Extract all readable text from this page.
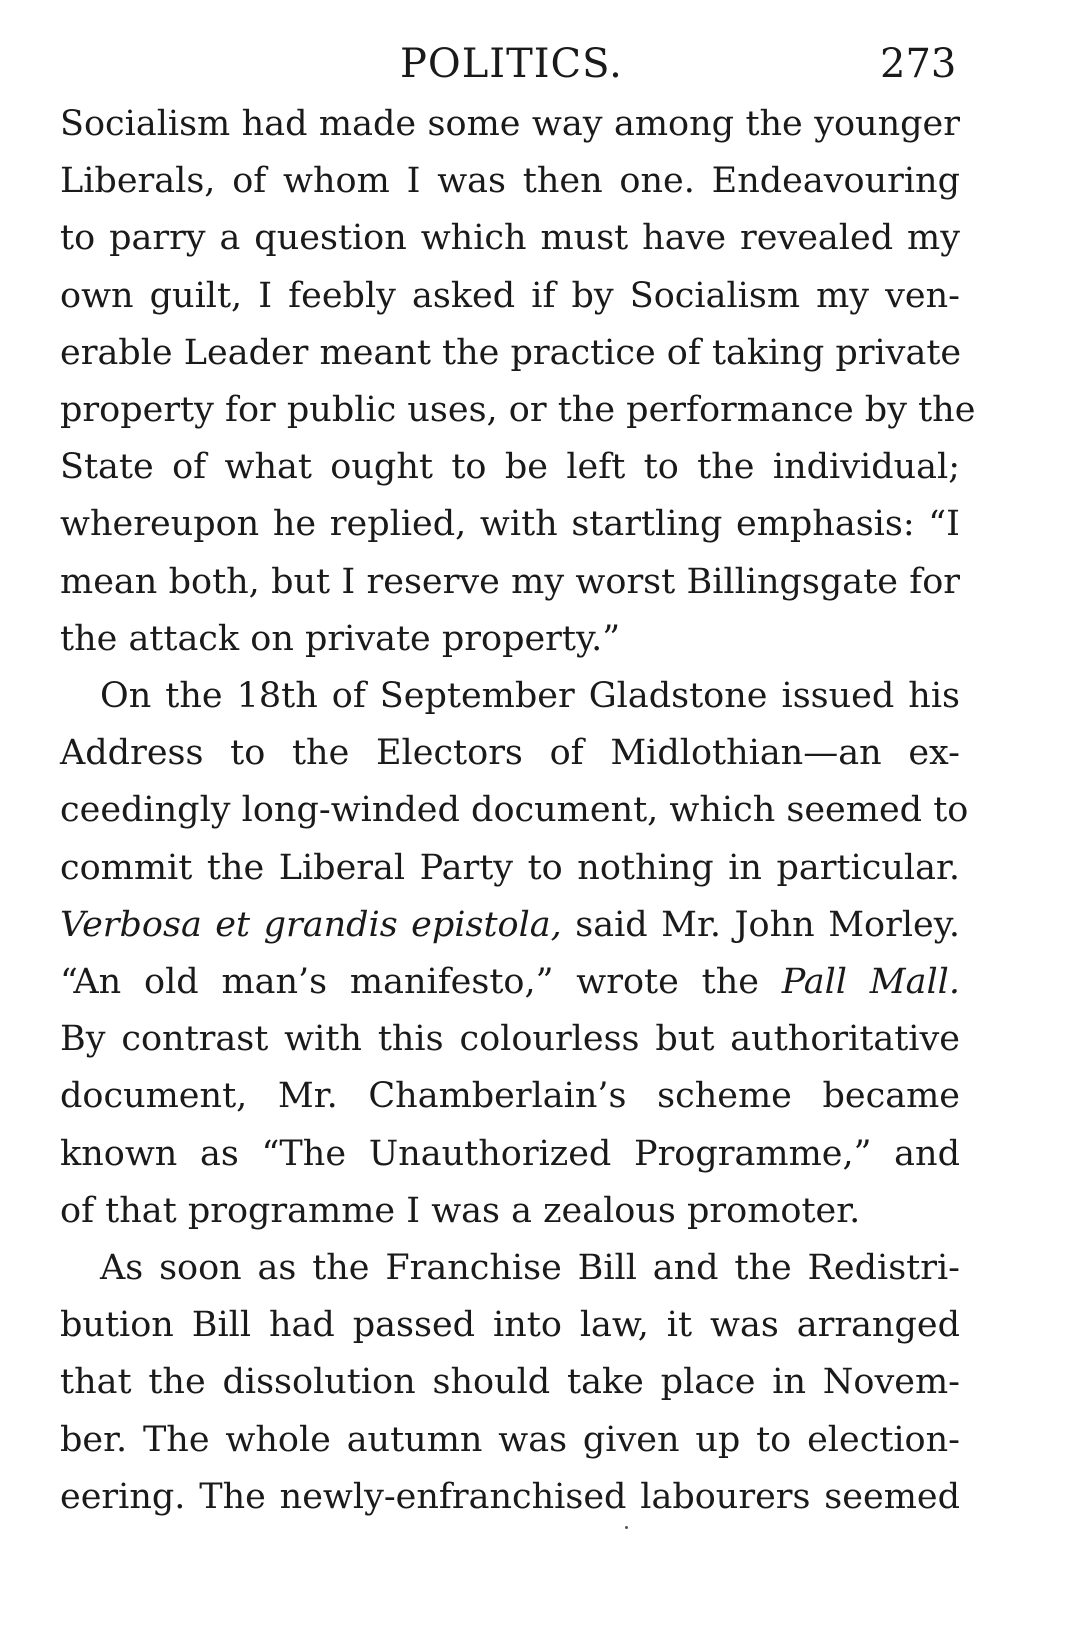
POLITICS.	273

Socialism had made some way among the younger
Liberals, of whom I was then one. Endeavouring
to parry a question which must have revealed my
own guilt, I feebly asked if by Socialism my ven-
erable Leader meant the practice of taking private
property for public uses, or the performance by the
State of what ought to be left to the individual;
whereupon he replied, with startling emphasis: “I
mean both, but I reserve my worst Billingsgate for
the attack on private property.”

On the 18th of September Gladstone issued his
Address to the Electors of Midlothian—an ex-
ceedingly long-winded document, which seemed to
commit the Liberal Party to nothing in particular.
Verbosa et grandis epistola, said Mr. John Morley.
“An old man’s manifesto,” wrote the Pall Mall.
By contrast with this colourless but authoritative
document, Mr. Chamberlain’s scheme became
known as “The Unauthorized Programme,” and
of that programme I was a zealous promoter.

As soon as the Franchise Bill and the Redistri-
bution Bill had passed into law, it was arranged
that the dissolution should take place in Novem-
ber. The whole autumn was given up to election-
eering. The newly-enfranchised labourers seemed
